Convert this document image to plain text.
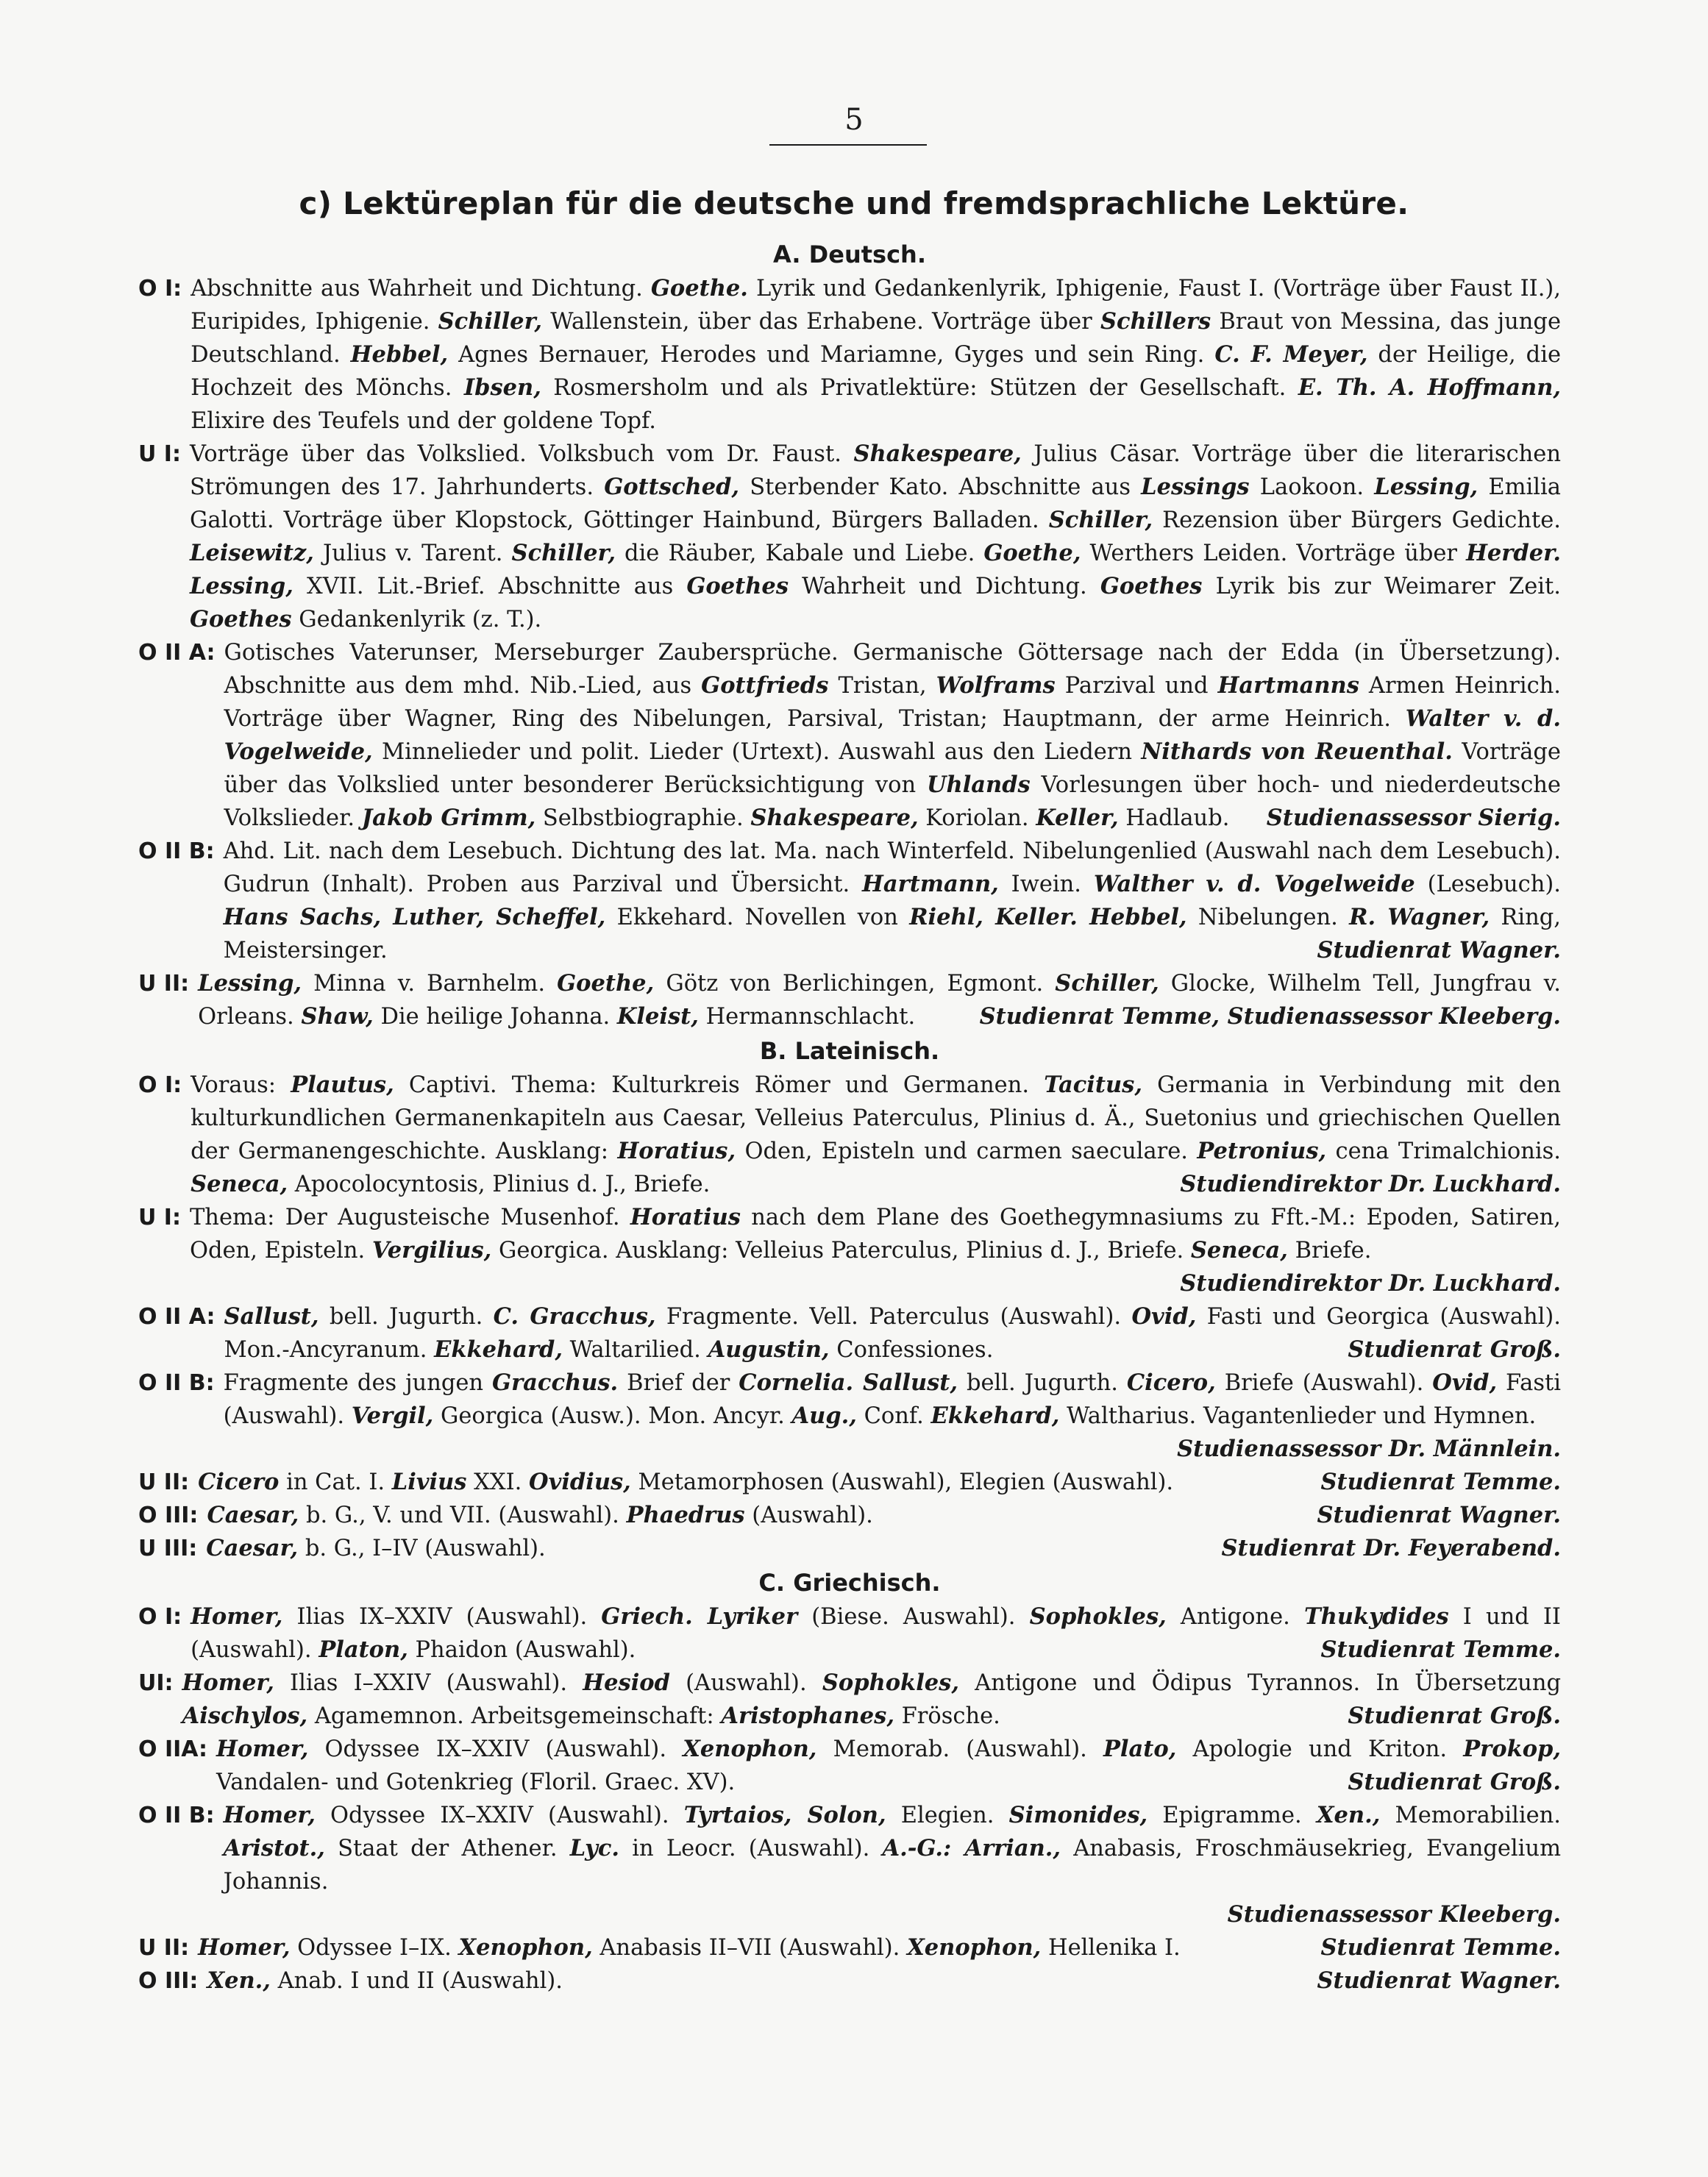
5
c) Lektüreplan für die deutsche und fremdsprachliche Lektüre.
A. Deutsch.
O I: Abschnitte aus Wahrheit und Dichtung. Goethe. Lyrik und Gedankenlyrik, Iphigenie, Faust I. (Vorträge über Faust II.), Euripides, Iphigenie. Schiller, Wallenstein, über das Erhabene. Vorträge über Schillers Braut von Messina, das junge Deutschland. Hebbel, Agnes Bernauer, Herodes und Mariamne, Gyges und sein Ring. C. F. Meyer, der Heilige, die Hochzeit des Mönchs. Ibsen, Rosmersholm und als Privatlektüre: Stützen der Gesellschaft. E. Th. A. Hoffmann, Elixire des Teufels und der goldene Topf.
U I: Vorträge über das Volkslied. Volksbuch vom Dr. Faust. Shakespeare, Julius Cäsar. Vorträge über die literarischen Strömungen des 17. Jahrhunderts. Gottsched, Sterbender Kato. Abschnitte aus Lessings Laokoon. Lessing, Emilia Galotti. Vorträge über Klopstock, Göttinger Hainbund, Bürgers Balladen. Schiller, Rezension über Bürgers Gedichte. Leisewitz, Julius v. Tarent. Schiller, die Räuber, Kabale und Liebe. Goethe, Werthers Leiden. Vorträge über Herder. Lessing, XVII. Lit.-Brief. Abschnitte aus Goethes Wahrheit und Dichtung. Goethes Lyrik bis zur Weimarer Zeit. Goethes Gedankenlyrik (z. T.).
O II A: Gotisches Vaterunser, Merseburger Zaubersprüche. Germanische Göttersage nach der Edda (in Übersetzung). Abschnitte aus dem mhd. Nib.-Lied, aus Gottfrieds Tristan, Wolframs Parzival und Hartmanns Armen Heinrich. Vorträge über Wagner, Ring des Nibelungen, Parsival, Tristan; Hauptmann, der arme Heinrich. Walter v. d. Vogelweide, Minnelieder und polit. Lieder (Urtext). Auswahl aus den Liedern Nithards von Reuenthal. Vorträge über das Volkslied unter besonderer Berücksichtigung von Uhlands Vorlesungen über hoch- und niederdeutsche Volkslieder. Jakob Grimm, Selbstbiographie. Shakespeare, Koriolan. Keller, Hadlaub.	Studienassessor Sierig.
O II B: Ahd. Lit. nach dem Lesebuch. Dichtung des lat. Ma. nach Winterfeld. Nibelungenlied (Auswahl nach dem Lesebuch). Gudrun (Inhalt). Proben aus Parzival und Übersicht. Hartmann, Iwein. Walther v. d. Vogelweide (Lesebuch). Hans Sachs, Luther, Scheffel, Ekkehard. Novellen von Riehl, Keller. Hebbel, Nibelungen. R. Wagner, Ring, Meistersinger.	Studienrat Wagner.
U II: Lessing, Minna v. Barnhelm. Goethe, Götz von Berlichingen, Egmont. Schiller, Glocke, Wilhelm Tell, Jungfrau v. Orleans. Shaw, Die heilige Johanna. Kleist, Hermannschlacht.	Studienrat Temme, Studienassessor Kleeberg.
B. Lateinisch.
O I: Voraus: Plautus, Captivi. Thema: Kulturkreis Römer und Germanen. Tacitus, Germania in Verbindung mit den kulturkundlichen Germanenkapiteln aus Caesar, Velleius Paterculus, Plinius d. Ä., Suetonius und griechischen Quellen der Germanengeschichte. Ausklang: Horatius, Oden, Episteln und carmen saeculare. Petronius, cena Trimalchionis. Seneca, Apocolocyntosis, Plinius d. J., Briefe.	Studiendirektor Dr. Luckhard.
U I: Thema: Der Augusteische Musenhof. Horatius nach dem Plane des Goethegymnasiums zu Fft.-M.: Epoden, Satiren, Oden, Episteln. Vergilius, Georgica. Ausklang: Velleius Paterculus, Plinius d. J., Briefe. Seneca, Briefe.
Studiendirektor Dr. Luckhard.
O II A: Sallust, bell. Jugurth. C. Gracchus, Fragmente. Vell. Paterculus (Auswahl). Ovid, Fasti und Georgica (Auswahl). Mon.-Ancyranum. Ekkehard, Waltarilied. Augustin, Confessiones.	Studienrat Groß.
O II B: Fragmente des jungen Gracchus. Brief der Cornelia. Sallust, bell. Jugurth. Cicero, Briefe (Auswahl). Ovid, Fasti (Auswahl). Vergil, Georgica (Ausw.). Mon. Ancyr. Aug., Conf. Ekkehard, Waltharius. Vagantenlieder und Hymnen.
Studienassessor Dr. Männlein.
U II: Cicero in Cat. I. Livius XXI. Ovidius, Metamorphosen (Auswahl), Elegien (Auswahl).	Studienrat Temme.
O III: Caesar, b. G., V. und VII. (Auswahl). Phaedrus (Auswahl).	Studienrat Wagner.
U III: Caesar, b. G., I–IV (Auswahl).	Studienrat Dr. Feyerabend.
C. Griechisch.
O I: Homer, Ilias IX–XXIV (Auswahl). Griech. Lyriker (Biese. Auswahl). Sophokles, Antigone. Thukydides I und II (Auswahl). Platon, Phaidon (Auswahl).	Studienrat Temme.
UI: Homer, Ilias I–XXIV (Auswahl). Hesiod (Auswahl). Sophokles, Antigone und Ödipus Tyrannos. In Übersetzung Aischylos, Agamemnon. Arbeitsgemeinschaft: Aristophanes, Frösche.	Studienrat Groß.
O IIA: Homer, Odyssee IX–XXIV (Auswahl). Xenophon, Memorab. (Auswahl). Plato, Apologie und Kriton. Prokop, Vandalen- und Gotenkrieg (Floril. Graec. XV).	Studienrat Groß.
O II B: Homer, Odyssee IX–XXIV (Auswahl). Tyrtaios, Solon, Elegien. Simonides, Epigramme. Xen., Memorabilien. Aristot., Staat der Athener. Lyc. in Leocr. (Auswahl). A.-G.: Arrian., Anabasis, Froschmäusekrieg, Evangelium Johannis.
Studienassessor Kleeberg.
U II: Homer, Odyssee I–IX. Xenophon, Anabasis II–VII (Auswahl). Xenophon, Hellenika I.	Studienrat Temme.
O III: Xen., Anab. I und II (Auswahl).	Studienrat Wagner.
